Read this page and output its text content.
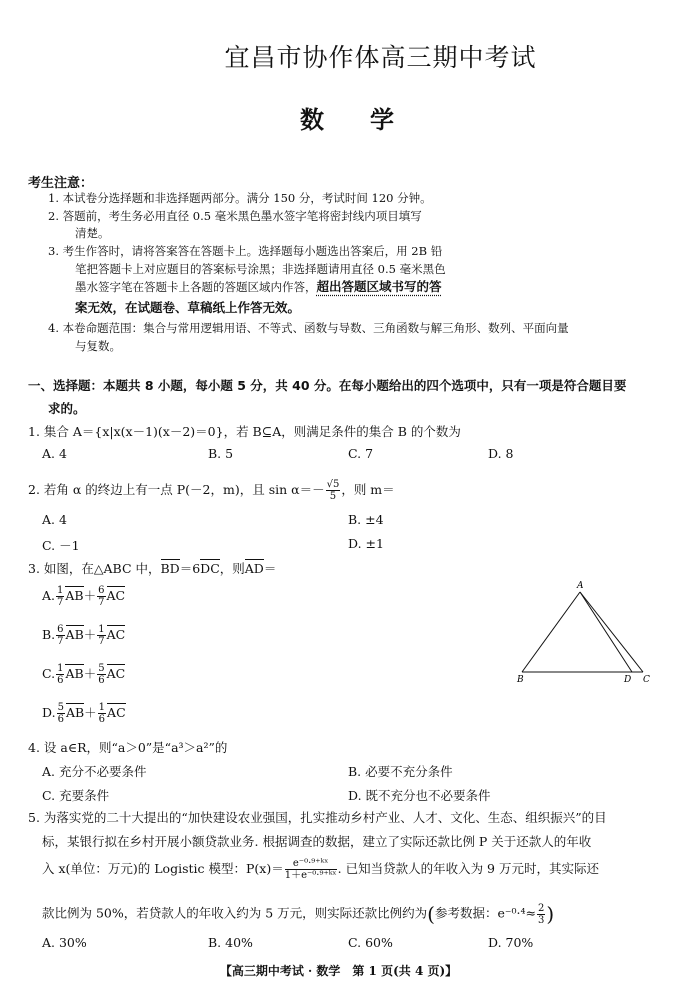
宜昌市协作体高三期中考试
数学
考生注意：
1. 本试卷分选择题和非选择题两部分。满分 150 分，考试时间 120 分钟。
2. 答题前，考生务必用直径 0.5 毫米黑色墨水签字笔将密封线内项目填写
清楚。
3. 考生作答时，请将答案答在答题卡上。选择题每小题选出答案后，用 2B 铅
笔把答题卡上对应题目的答案标号涂黑；非选择题请用直径 0.5 毫米黑色
墨水签字笔在答题卡上各题的答题区域内作答，超出答题区域书写的答
案无效，在试题卷、草稿纸上作答无效。
4. 本卷命题范围：集合与常用逻辑用语、不等式、函数与导数、三角函数与解三角形、数列、平面向量
与复数。
一、选择题：本题共 8 小题，每小题 5 分，共 40 分。在每小题给出的四个选项中，只有一项是符合题目要
求的。
1. 集合 A＝{x|x(x－1)(x－2)＝0}，若 B⊆A，则满足条件的集合 B 的个数为
A. 4	B. 5	C. 7	D. 8
2. 若角 α 的终边上有一点 P(－2，m)，且 $\sin \alpha=- \frac{√5}{5}$ ，则 m＝
A. 4	B. ±4
C. －1	D. ±1
3. 如图，在△ABC 中，BD＝6DC，则AD＝
A. $\frac{1}{7} AB+ \frac{6}{7}$ AC
B. $\frac{6}{7} AB+ \frac{1}{7}$ AC
C. $\frac{1}{6} AB+ \frac{5}{6}$ AC
D. $\frac{5}{6} AB+ \frac{1}{6}$ AC
A
B	D C
4. 设 a∈R，则“a＞0”是“a³＞a²”的
A. 充分不必要条件	B. 必要不充分条件
C. 充要条件	D. 既不充分也不必要条件
5. 为落实党的二十大提出的“加快建设农业强国，扎实推动乡村产业、人才、文化、生态、组织振兴”的目
标，某银行拟在乡村开展小额贷款业务. 根据调查的数据，建立了实际还款比例 P 关于还款人的年收
入 x(单位：万元)的 Logistic 模型：$P(x)= \frac{\text{e⁻⁰·⁹⁺ᵏˣ}}{\text{1＋e⁻⁰·⁹⁺ᵏˣ}}$ . 已知当贷款人的年收入为 9 万元时，其实际还
款比例为 50%，若贷款人的年收入约为 5 万元，则实际还款比例约为(参考数据：$e^{-0}\cdot^4\approx \frac{2}{3}$ )
A. 30%	B. 40%	C. 60%	D. 70%
【高三期中考试 · 数学　第 1 页(共 4 页)】
